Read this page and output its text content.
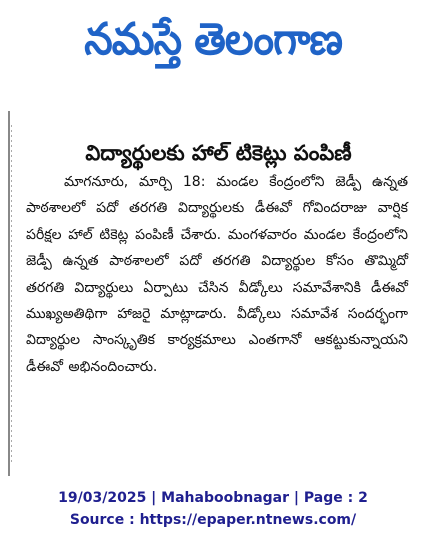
నమస్తే తెలంగాణ
విద్యార్థులకు హాల్ టికెట్లు పంపిణీ

మాగనూరు, మార్చి 18: మండల కేంద్రంలోని జెడ్పీ ఉన్నత పాఠశాలలో పదో తరగతి విద్యార్థులకు డీఈవో గోవిందరాజు వార్షిక పరీక్షల హాల్ టికెట్ల పంపిణీ చేశారు. మంగళవారం మండల కేంద్రంలోని జెడ్పీ ఉన్నత పాఠశాలలో పదో తరగతి విద్యార్థుల కోసం తొమ్మిదో తరగతి విద్యార్థులు ఏర్పాటు చేసిన వీడ్కోలు సమావేశానికి డీఈవో ముఖ్యఅతిథిగా హాజరై మాట్లాడారు. వీడ్కోలు సమావేశ సందర్భంగా విద్యార్థుల సాంస్కృతిక కార్యక్రమాలు ఎంతగానో ఆకట్టుకున్నాయని డీఈవో అభినందించారు.

19/03/2025 | Mahaboobnagar | Page : 2
Source : https://epaper.ntnews.com/
